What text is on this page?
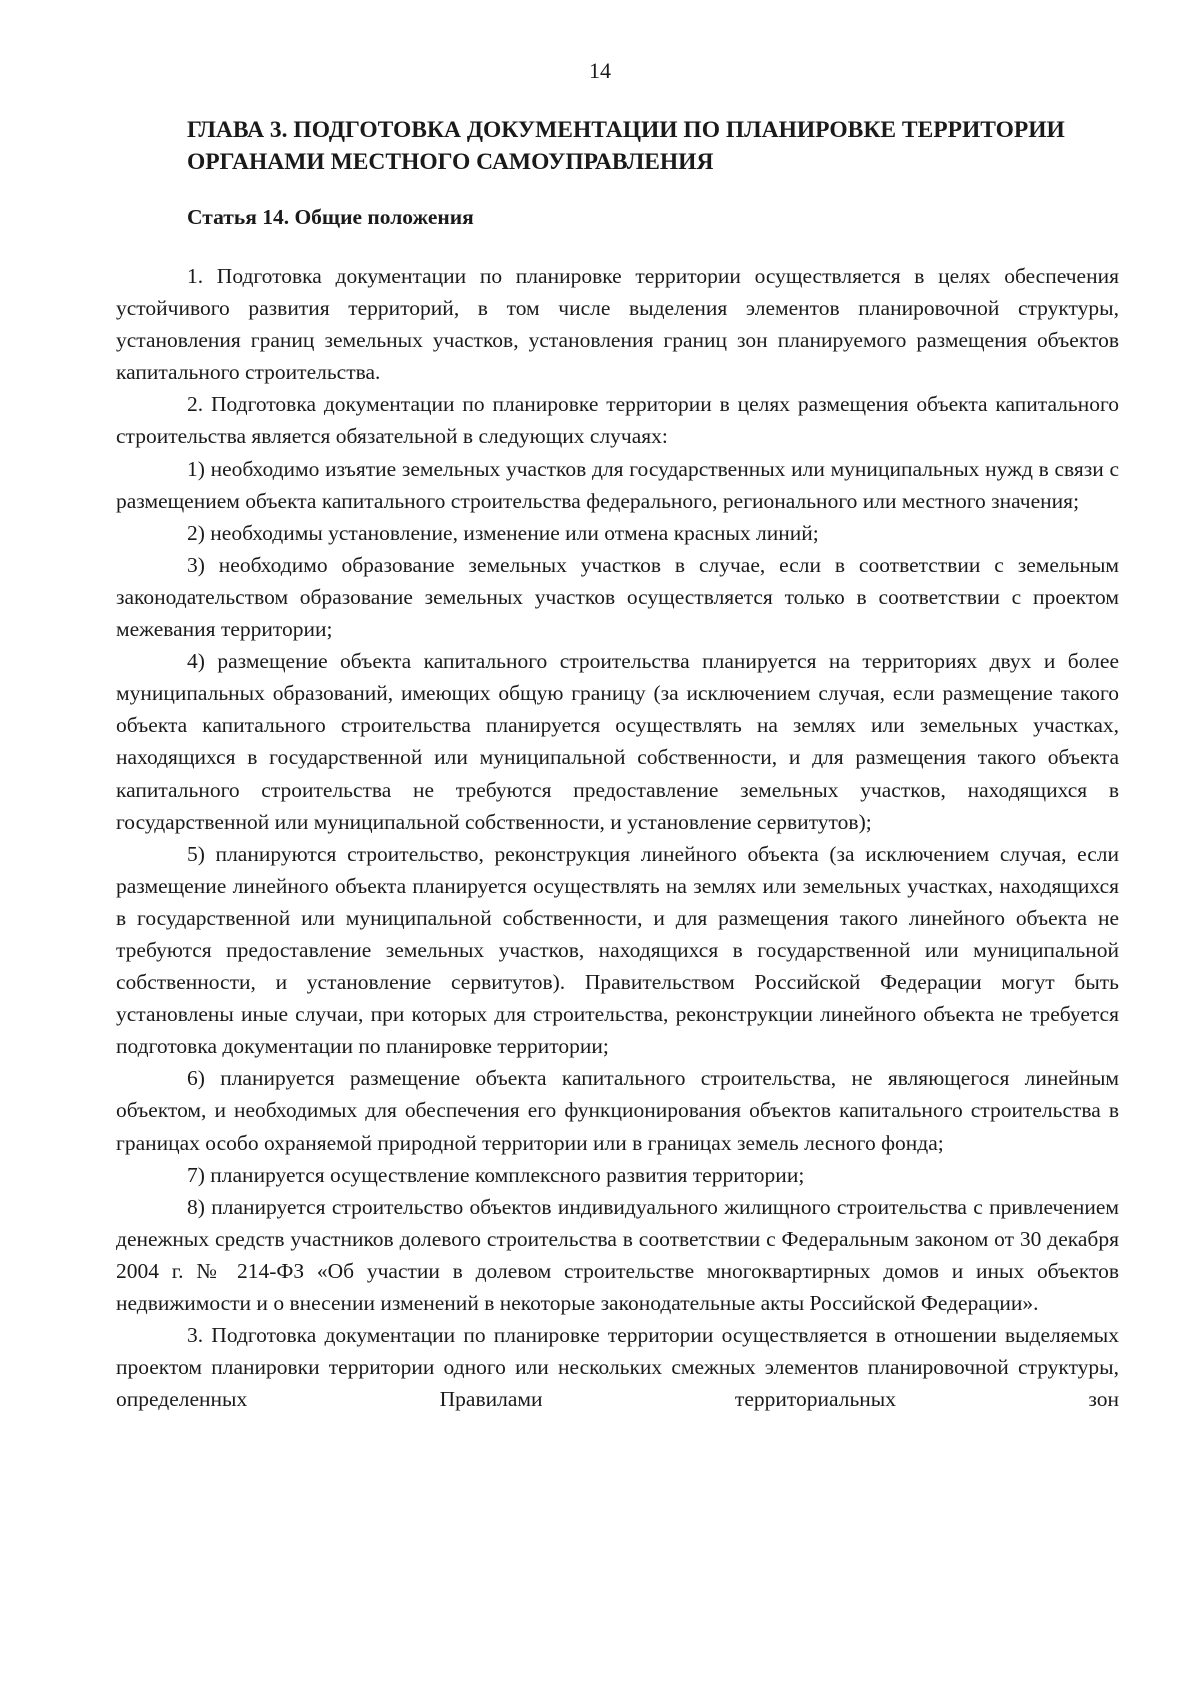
14
ГЛАВА 3. ПОДГОТОВКА ДОКУМЕНТАЦИИ ПО ПЛАНИРОВКЕ ТЕРРИТОРИИ
ОРГАНАМИ МЕСТНОГО САМОУПРАВЛЕНИЯ
Статья 14. Общие положения

1. Подготовка документации по планировке территории осуществляется в целях обеспечения устойчивого развития территорий, в том числе выделения элементов планировочной структуры, установления границ земельных участков, установления границ зон планируемого размещения объектов капитального строительства.

2. Подготовка документации по планировке территории в целях размещения объекта капитального строительства является обязательной в следующих случаях:

1) необходимо изъятие земельных участков для государственных или муниципальных нужд в связи с размещением объекта капитального строительства федерального, регионального или местного значения;

2) необходимы установление, изменение или отмена красных линий;

3) необходимо образование земельных участков в случае, если в соответствии с земельным законодательством образование земельных участков осуществляется только в соответствии с проектом межевания территории;

4) размещение объекта капитального строительства планируется на территориях двух и более муниципальных образований, имеющих общую границу (за исключением случая, если размещение такого объекта капитального строительства планируется осуществлять на землях или земельных участках, находящихся в государственной или муниципальной собственности, и для размещения такого объекта капитального строительства не требуются предоставление земельных участков, находящихся в государственной или муниципальной собственности, и установление сервитутов);

5) планируются строительство, реконструкция линейного объекта (за исключением случая, если размещение линейного объекта планируется осуществлять на землях или земельных участках, находящихся в государственной или муниципальной собственности, и для размещения такого линейного объекта не требуются предоставление земельных участков, находящихся в государственной или муниципальной собственности, и установление сервитутов). Правительством Российской Федерации могут быть установлены иные случаи, при которых для строительства, реконструкции линейного объекта не требуется подготовка документации по планировке территории;

6) планируется размещение объекта капитального строительства, не являющегося линейным объектом, и необходимых для обеспечения его функционирования объектов капитального строительства в границах особо охраняемой природной территории или в границах земель лесного фонда;

7) планируется осуществление комплексного развития территории;

8) планируется строительство объектов индивидуального жилищного строительства с привлечением денежных средств участников долевого строительства в соответствии с Федеральным законом от 30 декабря 2004 г. № 214-ФЗ «Об участии в долевом строительстве многоквартирных домов и иных объектов недвижимости и о внесении изменений в некоторые законодательные акты Российской Федерации».

3. Подготовка документации по планировке территории осуществляется в отношении выделяемых проектом планировки территории одного или нескольких смежных элементов планировочной структуры, определенных Правилами территориальных зон
